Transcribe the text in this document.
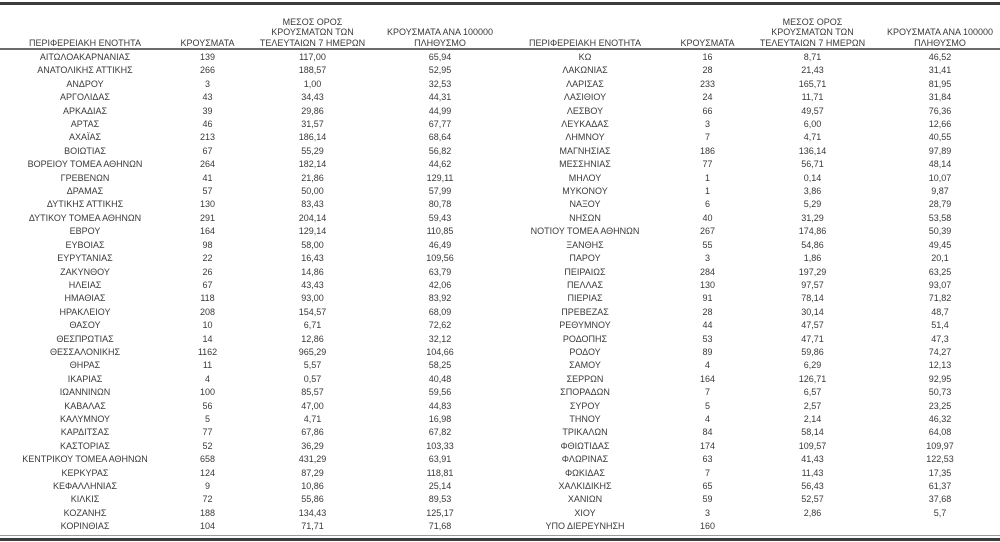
ΠΕΡΙΦΕΡΕΙΑΚΗ ΕΝΟΤΗΤΑ	ΚΡΟΥΣΜΑΤΑ	ΜΕΣΟΣ ΟΡΟΣ ΚΡΟΥΣΜΑΤΩΝ ΤΩΝ ΤΕΛΕΥΤΑΙΩΝ 7 ΗΜΕΡΩΝ	ΚΡΟΥΣΜΑΤΑ ΑΝΑ 100000 ΠΛΗΘΥΣΜΟ
ΑΙΤΩΛΟΑΚΑΡΝΑΝΙΑΣ	139	117,00	65,94
ΑΝΑΤΟΛΙΚΗΣ ΑΤΤΙΚΗΣ	266	188,57	52,95
ΑΝΔΡΟΥ	3	1,00	32,53
ΑΡΓΟΛΙΔΑΣ	43	34,43	44,31
ΑΡΚΑΔΙΑΣ	39	29,86	44,99
ΑΡΤΑΣ	46	31,57	67,77
ΑΧΑΪΑΣ	213	186,14	68,64
ΒΟΙΩΤΙΑΣ	67	55,29	56,82
ΒΟΡΕΙΟΥ ΤΟΜΕΑ ΑΘΗΝΩΝ	264	182,14	44,62
ΓΡΕΒΕΝΩΝ	41	21,86	129,11
ΔΡΑΜΑΣ	57	50,00	57,99
ΔΥΤΙΚΗΣ ΑΤΤΙΚΗΣ	130	83,43	80,78
ΔΥΤΙΚΟΥ ΤΟΜΕΑ ΑΘΗΝΩΝ	291	204,14	59,43
ΕΒΡΟΥ	164	129,14	110,85
ΕΥΒΟΙΑΣ	98	58,00	46,49
ΕΥΡΥΤΑΝΙΑΣ	22	16,43	109,56
ΖΑΚΥΝΘΟΥ	26	14,86	63,79
ΗΛΕΙΑΣ	67	43,43	42,06
ΗΜΑΘΙΑΣ	118	93,00	83,92
ΗΡΑΚΛΕΙΟΥ	208	154,57	68,09
ΘΑΣΟΥ	10	6,71	72,62
ΘΕΣΠΡΩΤΙΑΣ	14	12,86	32,12
ΘΕΣΣΑΛΟΝΙΚΗΣ	1162	965,29	104,66
ΘΗΡΑΣ	11	5,57	58,25
ΙΚΑΡΙΑΣ	4	0,57	40,48
ΙΩΑΝΝΙΝΩΝ	100	85,57	59,56
ΚΑΒΑΛΑΣ	56	47,00	44,83
ΚΑΛΥΜΝΟΥ	5	4,71	16,98
ΚΑΡΔΙΤΣΑΣ	77	67,86	67,82
ΚΑΣΤΟΡΙΑΣ	52	36,29	103,33
ΚΕΝΤΡΙΚΟΥ ΤΟΜΕΑ ΑΘΗΝΩΝ	658	431,29	63,91
ΚΕΡΚΥΡΑΣ	124	87,29	118,81
ΚΕΦΑΛΛΗΝΙΑΣ	9	10,86	25,14
ΚΙΛΚΙΣ	72	55,86	89,53
ΚΟΖΑΝΗΣ	188	134,43	125,17
ΚΟΡΙΝΘΙΑΣ	104	71,71	71,68
ΠΕΡΙΦΕΡΕΙΑΚΗ ΕΝΟΤΗΤΑ	ΚΡΟΥΣΜΑΤΑ	ΜΕΣΟΣ ΟΡΟΣ ΚΡΟΥΣΜΑΤΩΝ ΤΩΝ ΤΕΛΕΥΤΑΙΩΝ 7 ΗΜΕΡΩΝ	ΚΡΟΥΣΜΑΤΑ ΑΝΑ 100000 ΠΛΗΘΥΣΜΟ
ΚΩ	16	8,71	46,52
ΛΑΚΩΝΙΑΣ	28	21,43	31,41
ΛΑΡΙΣΑΣ	233	165,71	81,95
ΛΑΣΙΘΙΟΥ	24	11,71	31,84
ΛΕΣΒΟΥ	66	49,57	76,36
ΛΕΥΚΑΔΑΣ	3	6,00	12,66
ΛΗΜΝΟΥ	7	4,71	40,55
ΜΑΓΝΗΣΙΑΣ	186	136,14	97,89
ΜΕΣΣΗΝΙΑΣ	77	56,71	48,14
ΜΗΛΟΥ	1	0,14	10,07
ΜΥΚΟΝΟΥ	1	3,86	9,87
ΝΑΞΟΥ	6	5,29	28,79
ΝΗΣΩΝ	40	31,29	53,58
ΝΟΤΙΟΥ ΤΟΜΕΑ ΑΘΗΝΩΝ	267	174,86	50,39
ΞΑΝΘΗΣ	55	54,86	49,45
ΠΑΡΟΥ	3	1,86	20,1
ΠΕΙΡΑΙΩΣ	284	197,29	63,25
ΠΕΛΛΑΣ	130	97,57	93,07
ΠΙΕΡΙΑΣ	91	78,14	71,82
ΠΡΕΒΕΖΑΣ	28	30,14	48,7
ΡΕΘΥΜΝΟΥ	44	47,57	51,4
ΡΟΔΟΠΗΣ	53	47,71	47,3
ΡΟΔΟΥ	89	59,86	74,27
ΣΑΜΟΥ	4	6,29	12,13
ΣΕΡΡΩΝ	164	126,71	92,95
ΣΠΟΡΑΔΩΝ	7	6,57	50,73
ΣΥΡΟΥ	5	2,57	23,25
ΤΗΝΟΥ	4	2,14	46,32
ΤΡΙΚΑΛΩΝ	84	58,14	64,08
ΦΘΙΩΤΙΔΑΣ	174	109,57	109,97
ΦΛΩΡΙΝΑΣ	63	41,43	122,53
ΦΩΚΙΔΑΣ	7	11,43	17,35
ΧΑΛΚΙΔΙΚΗΣ	65	56,43	61,37
ΧΑΝΙΩΝ	59	52,57	37,68
ΧΙΟΥ	3	2,86	5,7
ΥΠΟ ΔΙΕΡΕΥΝΗΣΗ	160		
